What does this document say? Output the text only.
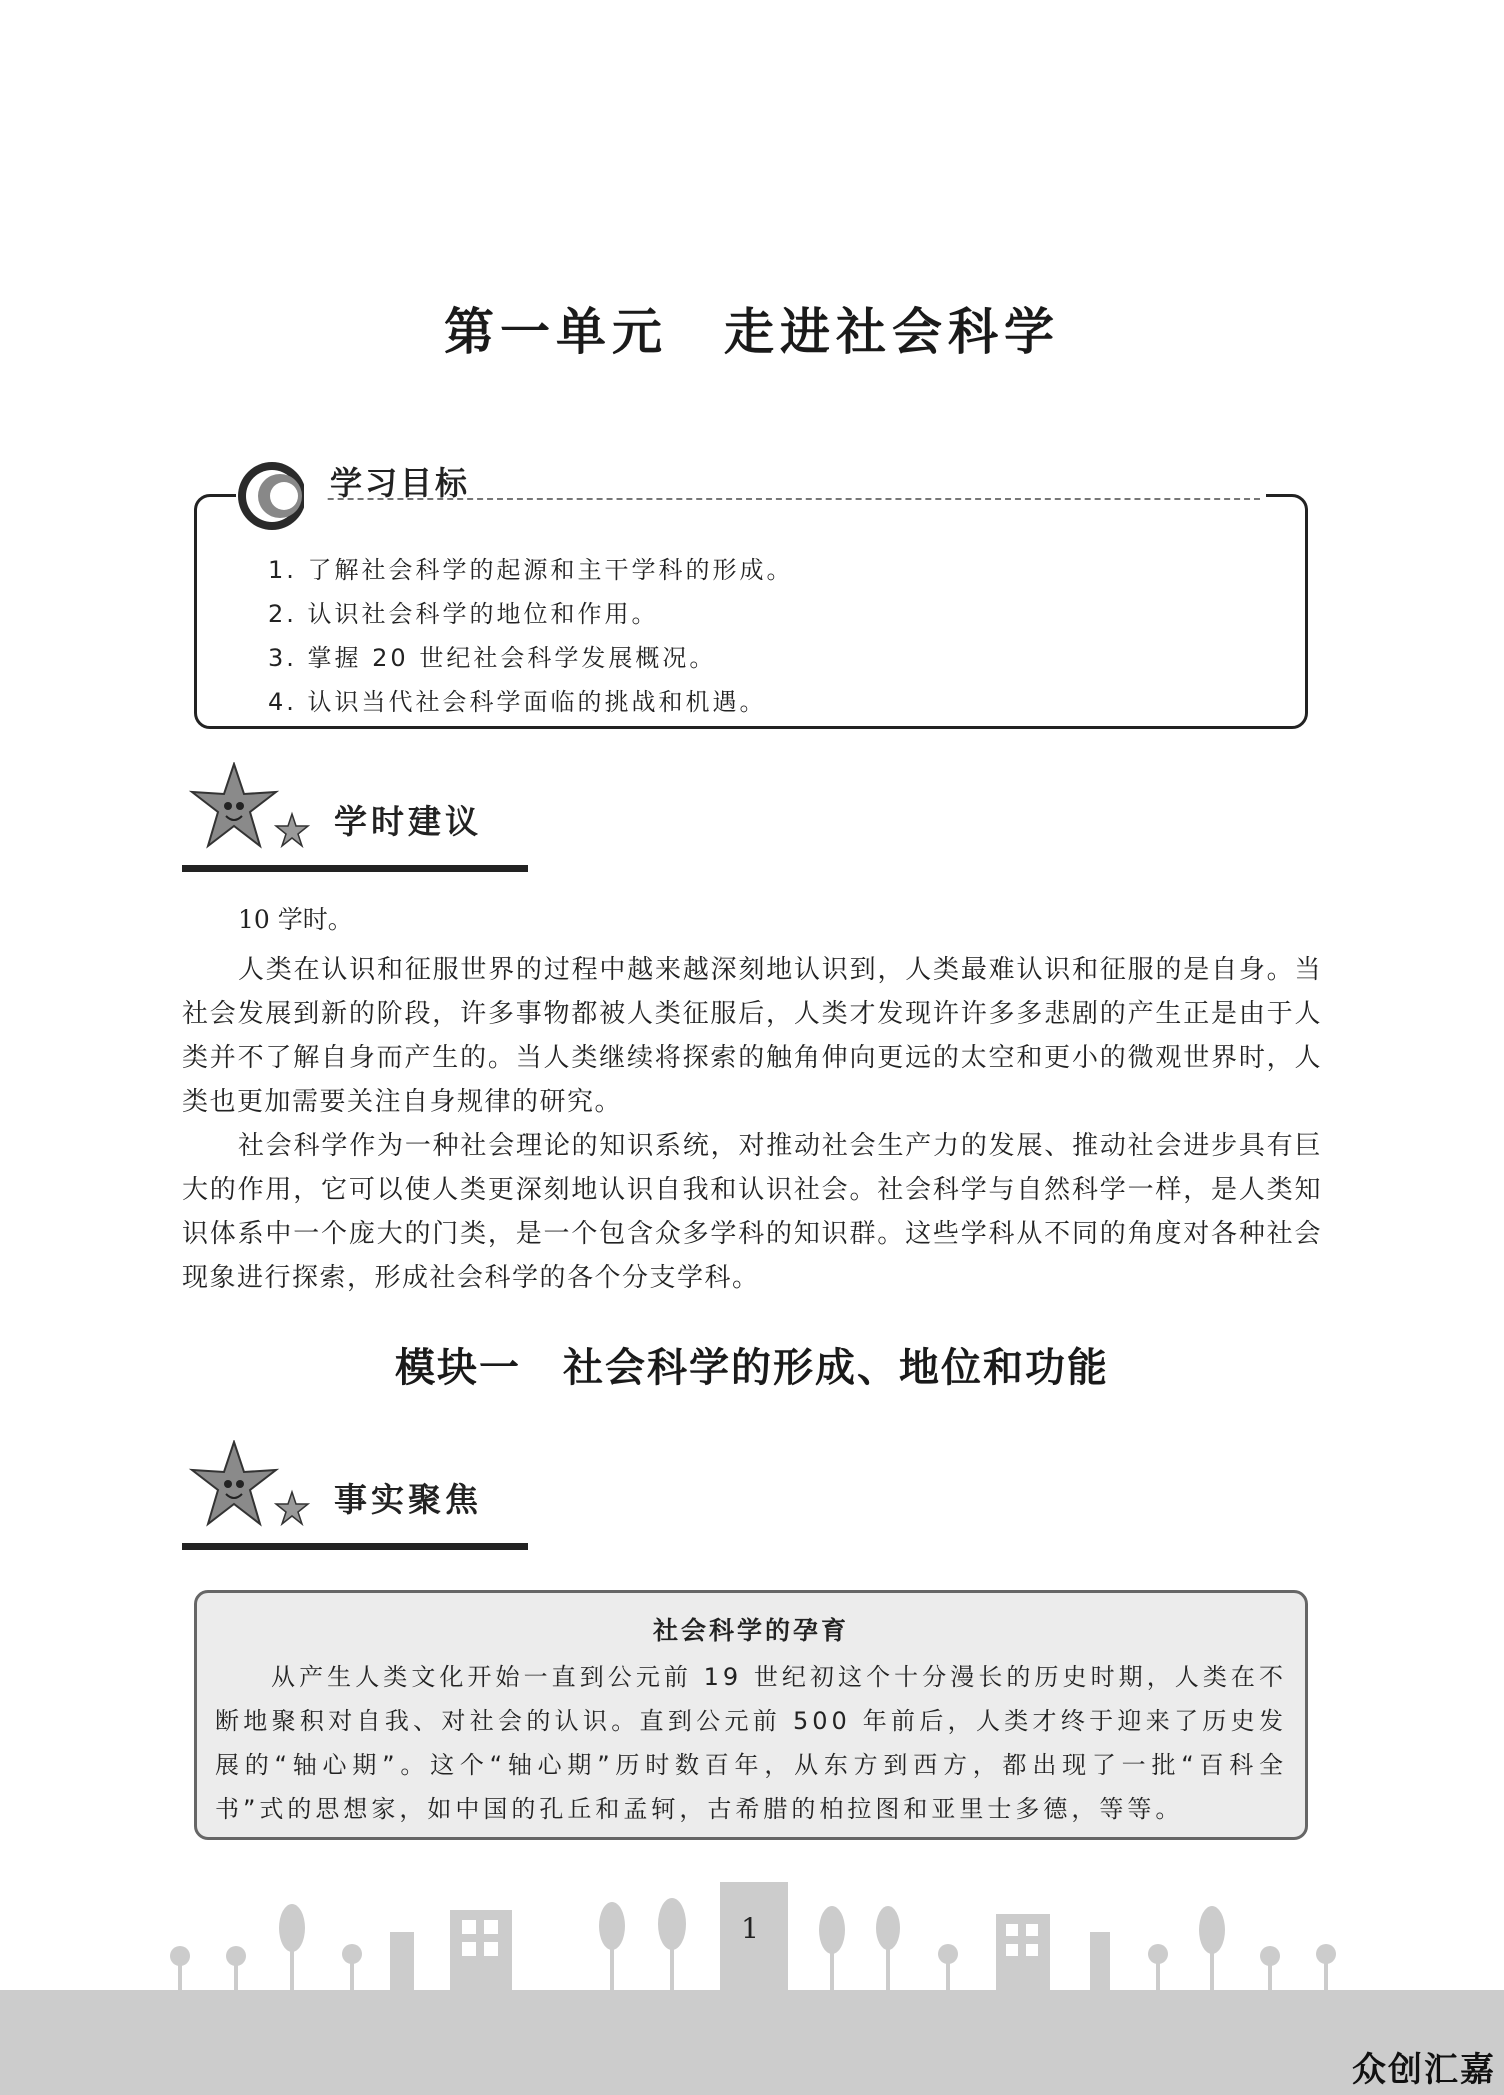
第一单元　走进社会科学
学习目标
1. 了解社会科学的起源和主干学科的形成。
2. 认识社会科学的地位和作用。
3. 掌握 20 世纪社会科学发展概况。
4. 认识当代社会科学面临的挑战和机遇。
学时建议

10 学时。

人类在认识和征服世界的过程中越来越深刻地认识到，人类最难认识和征服的是自身。当社会发展到新的阶段，许多事物都被人类征服后，人类才发现许许多多悲剧的产生正是由于人类并不了解自身而产生的。当人类继续将探索的触角伸向更远的太空和更小的微观世界时，人类也更加需要关注自身规律的研究。

社会科学作为一种社会理论的知识系统，对推动社会生产力的发展、推动社会进步具有巨大的作用，它可以使人类更深刻地认识自我和认识社会。社会科学与自然科学一样，是人类知识体系中一个庞大的门类，是一个包含众多学科的知识群。这些学科从不同的角度对各种社会现象进行探索，形成社会科学的各个分支学科。

模块一　社会科学的形成、地位和功能
事实聚焦
社会科学的孕育

从产生人类文化开始一直到公元前 19 世纪初这个十分漫长的历史时期，人类在不断地聚积对自我、对社会的认识。直到公元前 500 年前后，人类才终于迎来了历史发展的“轴心期”。这个“轴心期”历时数百年，从东方到西方，都出现了一批“百科全书”式的思想家，如中国的孔丘和孟轲，古希腊的柏拉图和亚里士多德，等等。

1
众创汇嘉
